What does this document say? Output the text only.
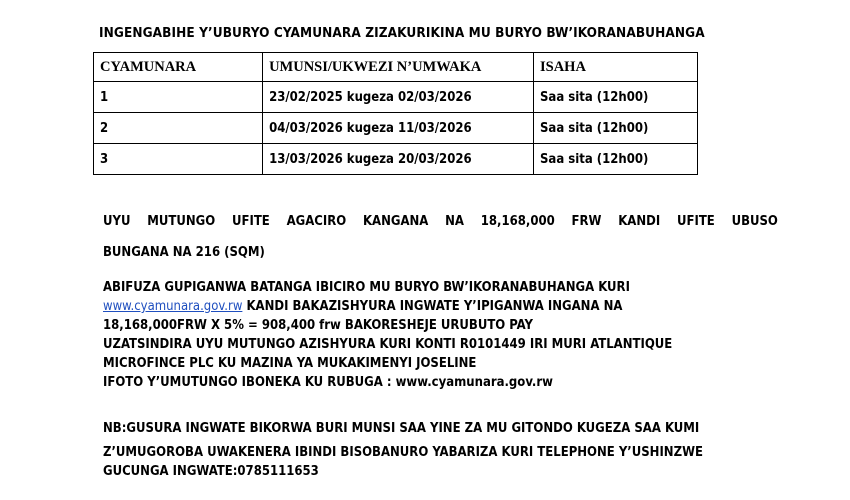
INGENGABIHE Y’UBURYO CYAMUNARA ZIZAKURIKINA MU BURYO BW’IKORANABUHANGA
CYAMUNARA	UMUNSI/UKWEZI N’UMWAKA	ISAHA
1	23/02/2025 kugeza 02/03/2026	Saa sita (12h00)
2	04/03/2026 kugeza 11/03/2026	Saa sita (12h00)
3	13/03/2026 kugeza 20/03/2026	Saa sita (12h00)
UYU MUTUNGO UFITE AGACIRO KANGANA NA 18,168,000 FRW KANDI UFITE UBUSO
BUNGANA NA 216 (SQM)
ABIFUZA GUPIGANWA BATANGA IBICIRO MU BURYO BW’IKORANABUHANGA KURI
www.cyamunara.gov.rw KANDI BAKAZISHYURA INGWATE Y’IPIGANWA INGANA NA
18,168,000FRW X 5% = 908,400 frw BAKORESHEJE URUBUTO PAY
UZATSINDIRA UYU MUTUNGO AZISHYURA KURI KONTI R0101449 IRI MURI ATLANTIQUE
MICROFINCE PLC KU MAZINA YA MUKAKIMENYI JOSELINE
IFOTO Y’UMUTUNGO IBONEKA KU RUBUGA : www.cyamunara.gov.rw
NB:GUSURA INGWATE BIKORWA BURI MUNSI SAA YINE ZA MU GITONDO KUGEZA SAA KUMI
Z’UMUGOROBA UWAKENERA IBINDI BISOBANURO YABARIZA KURI TELEPHONE Y’USHINZWE
GUCUNGA INGWATE:0785111653
